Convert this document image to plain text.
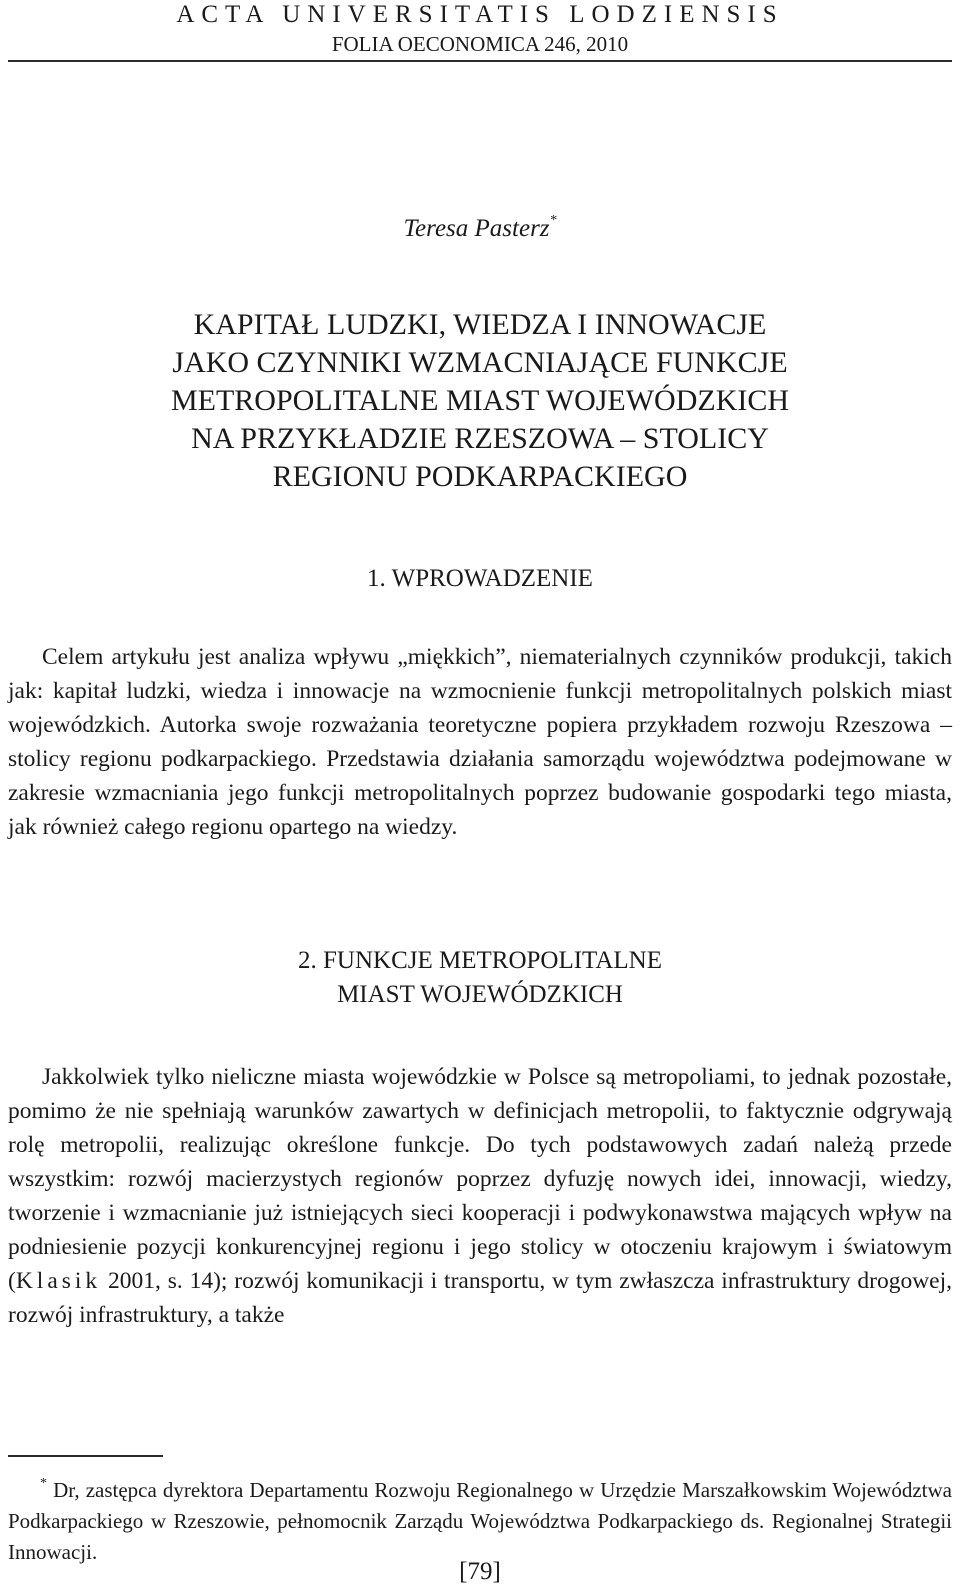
ACTA UNIVERSITATIS LODZIENSIS
FOLIA OECONOMICA 246, 2010
Teresa Pasterz*
KAPITAŁ LUDZKI, WIEDZA I INNOWACJE
JAKO CZYNNIKI WZMACNIAJĄCE FUNKCJE
METROPOLITALNE MIAST WOJEWÓDZKICH
NA PRZYKŁADZIE RZESZOWA – STOLICY
REGIONU PODKARPACKIEGO
1. WPROWADZENIE
Celem artykułu jest analiza wpływu „miękkich”, niematerialnych czynników produkcji, takich jak: kapitał ludzki, wiedza i innowacje na wzmocnienie funkcji metropolitalnych polskich miast wojewódzkich. Autorka swoje rozważania teoretyczne popiera przykładem rozwoju Rzeszowa – stolicy regionu podkarpackiego. Przedstawia działania samorządu województwa podejmowane w zakresie wzmacniania jego funkcji metropolitalnych poprzez budowanie gospodarki tego miasta, jak również całego regionu opartego na wiedzy.
2. FUNKCJE METROPOLITALNE
MIAST WOJEWÓDZKICH
Jakkolwiek tylko nieliczne miasta wojewódzkie w Polsce są metropoliami, to jednak pozostałe, pomimo że nie spełniają warunków zawartych w definicjach metropolii, to faktycznie odgrywają rolę metropolii, realizując określone funkcje. Do tych podstawowych zadań należą przede wszystkim: rozwój macierzystych regionów poprzez dyfuzję nowych idei, innowacji, wiedzy, tworzenie i wzmacnianie już istniejących sieci kooperacji i podwykonawstwa mających wpływ na podniesienie pozycji konkurencyjnej regionu i jego stolicy w otoczeniu krajowym i światowym (Klasik 2001, s. 14); rozwój komunikacji i transportu, w tym zwłaszcza infrastruktury drogowej, rozwój infrastruktury, a także
* Dr, zastępca dyrektora Departamentu Rozwoju Regionalnego w Urzędzie Marszałkowskim Województwa Podkarpackiego w Rzeszowie, pełnomocnik Zarządu Województwa Podkarpackiego ds. Regionalnej Strategii Innowacji.
[79]
